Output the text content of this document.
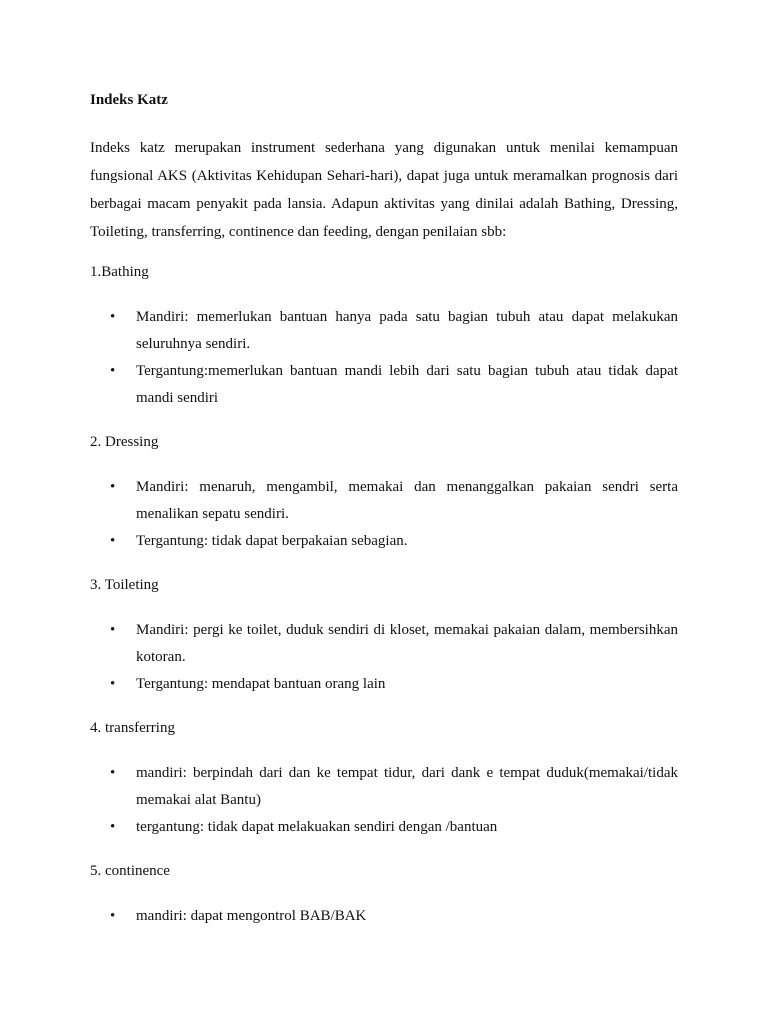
Indeks Katz

Indeks katz merupakan instrument sederhana yang digunakan untuk menilai kemampuan fungsional AKS (Aktivitas Kehidupan Sehari-hari), dapat juga untuk meramalkan prognosis dari berbagai macam penyakit pada lansia. Adapun aktivitas yang dinilai adalah Bathing, Dressing, Toileting, transferring, continence dan feeding, dengan penilaian sbb:

1.Bathing
• Mandiri: memerlukan bantuan hanya pada satu bagian tubuh atau dapat melakukan seluruhnya sendiri.
• Tergantung:memerlukan bantuan mandi lebih dari satu bagian tubuh atau tidak dapat mandi sendiri
2. Dressing
• Mandiri: menaruh, mengambil, memakai dan menanggalkan pakaian sendri serta menalikan sepatu sendiri.
• Tergantung: tidak dapat berpakaian sebagian.
3. Toileting
• Mandiri: pergi ke toilet, duduk sendiri di kloset, memakai pakaian dalam, membersihkan kotoran.
• Tergantung: mendapat bantuan orang lain
4. transferring
• mandiri: berpindah dari dan ke tempat tidur, dari dank e tempat duduk(memakai/tidak memakai alat Bantu)
• tergantung: tidak dapat melakuakan sendiri dengan /bantuan
5. continence
• mandiri: dapat mengontrol BAB/BAK
